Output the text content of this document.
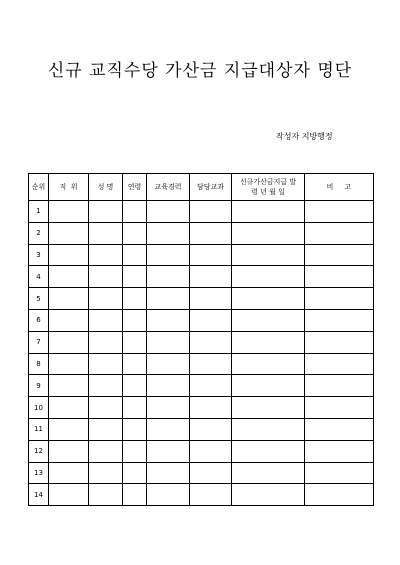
신규 교직수당 가산금 지급대상자 명단
작성자 지방행정
순위	직  위	성 명	연령	교육경력	담당교과	신규가산금지급 발 령 년 월 일	비     고
1							
2							
3							
4							
5							
6							
7							
8							
9							
10							
11							
12							
13							
14							
